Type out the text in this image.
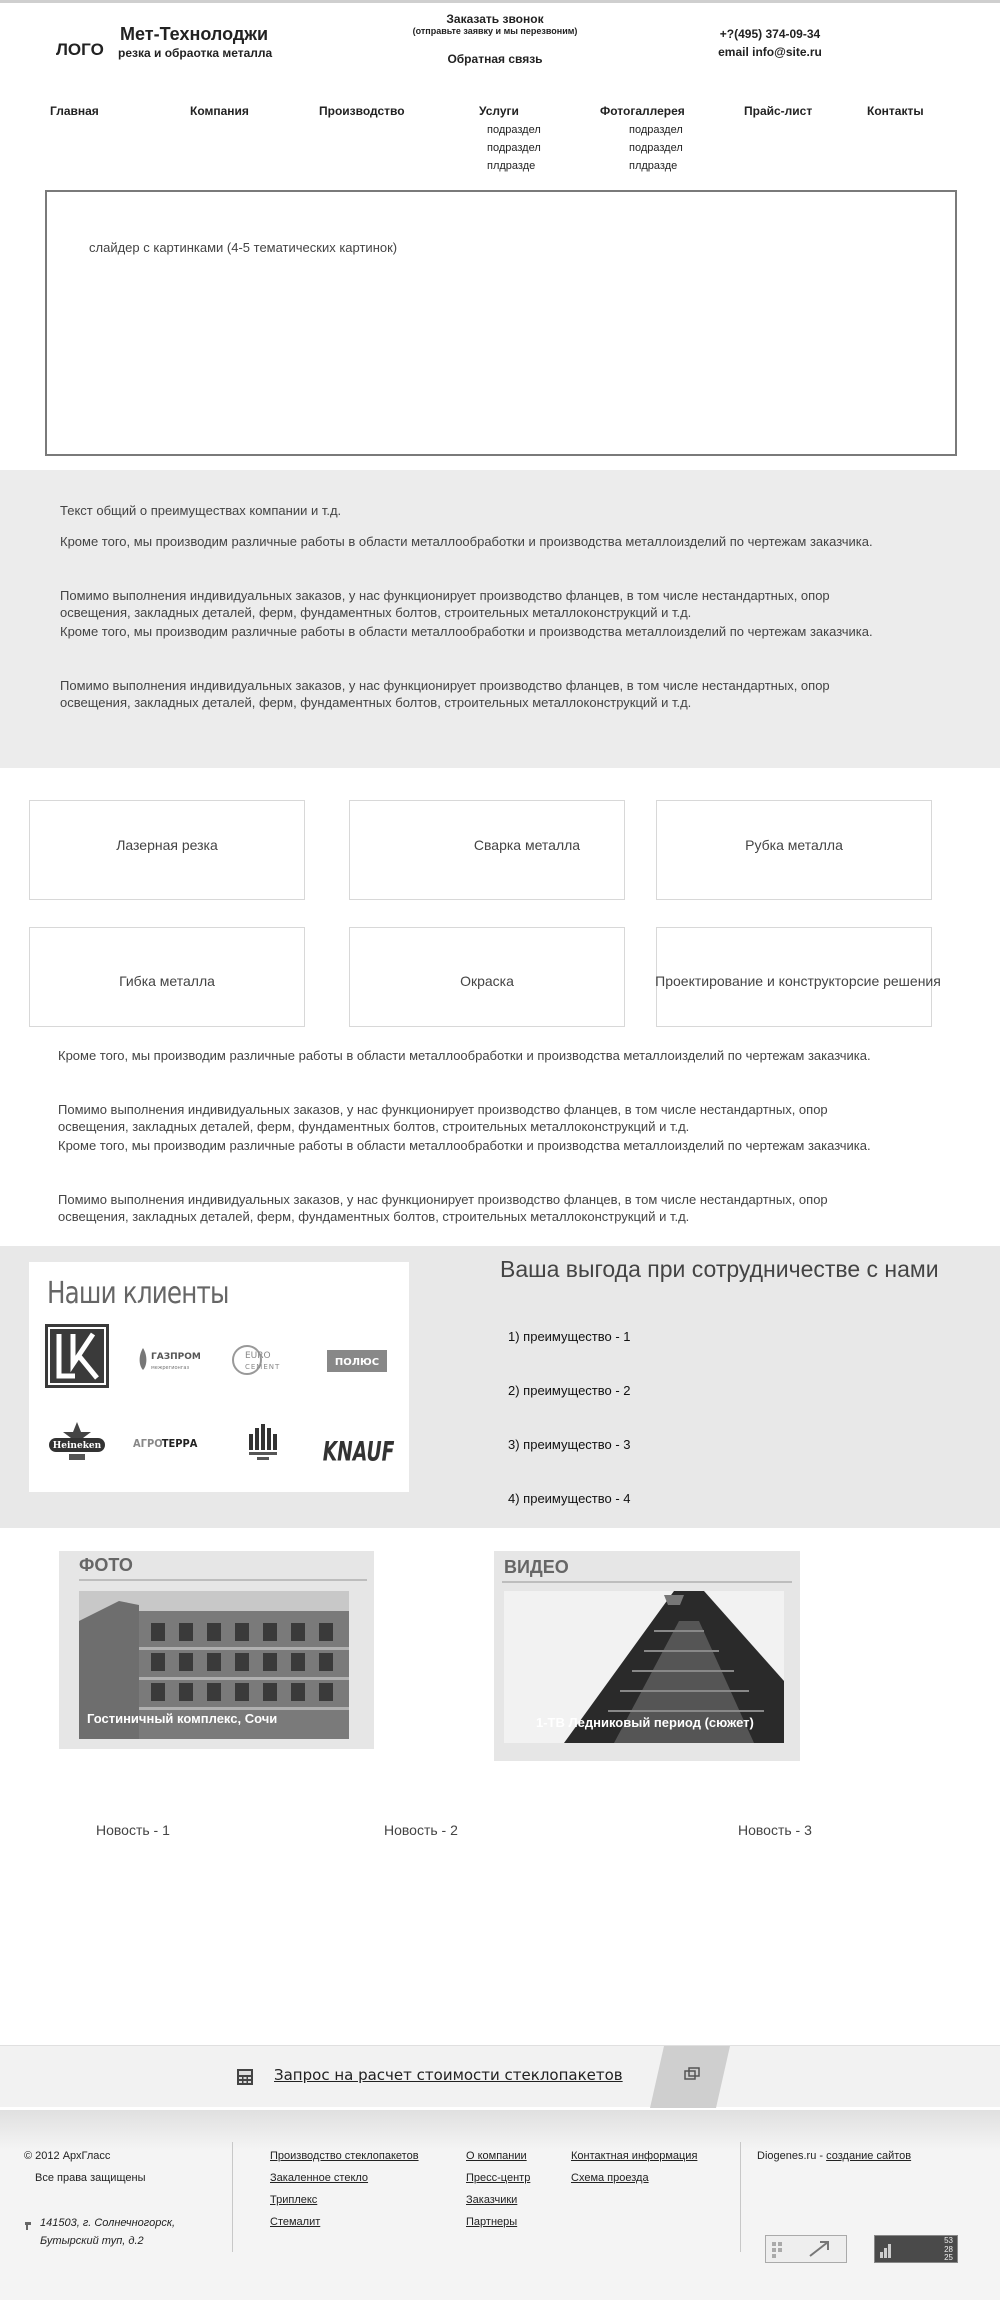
ЛОГО
Мет-Технолоджи
резка и обраотка металла
Заказать звонок
(отправьте заявку и мы перезвоним)
Обратная связь
+?(495) 374-09-34
email info@site.ru
Главная	Компания	Производство	Услуги
подраздел
подраздел
плдразде
Фотогаллерея
подраздел
подраздел
плдразде
Прайс-лист	Контакты
слайдер с картинками (4-5 тематических картинок)
Текст общий о преимуществах компании и т.д.
Кроме того, мы производим различные работы в области металлообработки и производства металлоизделий по чертежам заказчика.
Помимо выполнения индивидуальных заказов, у нас функционирует производство фланцев, в том числе нестандартных, опор освещения, закладных деталей, ферм, фундаментных болтов, строительных металлоконструкций и т.д.
Кроме того, мы производим различные работы в области металлообработки и производства металлоизделий по чертежам заказчика.
Помимо выполнения индивидуальных заказов, у нас функционирует производство фланцев, в том числе нестандартных, опор освещения, закладных деталей, ферм, фундаментных болтов, строительных металлоконструкций и т.д.
Лазерная резка	Сварка металла	Рубка металла
Гибка металла	Окраска	Проектирование и конструкторсие решения
Кроме того, мы производим различные работы в области металлообработки и производства металлоизделий по чертежам заказчика.
Помимо выполнения индивидуальных заказов, у нас функционирует производство фланцев, в том числе нестандартных, опор освещения, закладных деталей, ферм, фундаментных болтов, строительных металлоконструкций и т.д.
Кроме того, мы производим различные работы в области металлообработки и производства металлоизделий по чертежам заказчика.
Помимо выполнения индивидуальных заказов, у нас функционирует производство фланцев, в том числе нестандартных, опор освещения, закладных деталей, ферм, фундаментных болтов, строительных металлоконструкций и т.д.
Наши клиенты
ГАЗПРОМ
межрегионгаз
EURO
CEMENT	ПОЛЮС
Heineken	АГРО ТЕРРА	KNAUF
Ваша выгода при сотрудничестве с нами
1) преимущество - 1
2) преимущество - 2
3) преимущество - 3
4) преимущество - 4
ФОТО
Гостиничный комплекс, Сочи
ВИДЕО
1-ТВ Ледниковый период (сюжет)
Новость - 1	Новость - 2	Новость - 3
Запрос на расчет стоимости стеклопакетов
© 2012 АрхГласс
Все права защищены
141503, г. Солнечногорск,
Бутырский туп, д.2
Производство стеклопакетов
Закаленное стекло
Триплекс
Стемалит
О компании
Пресс-центр
Заказчики
Партнеры
Контактная информация
Схема проезда
Diogenes.ru - создание сайтов
53
28
25
